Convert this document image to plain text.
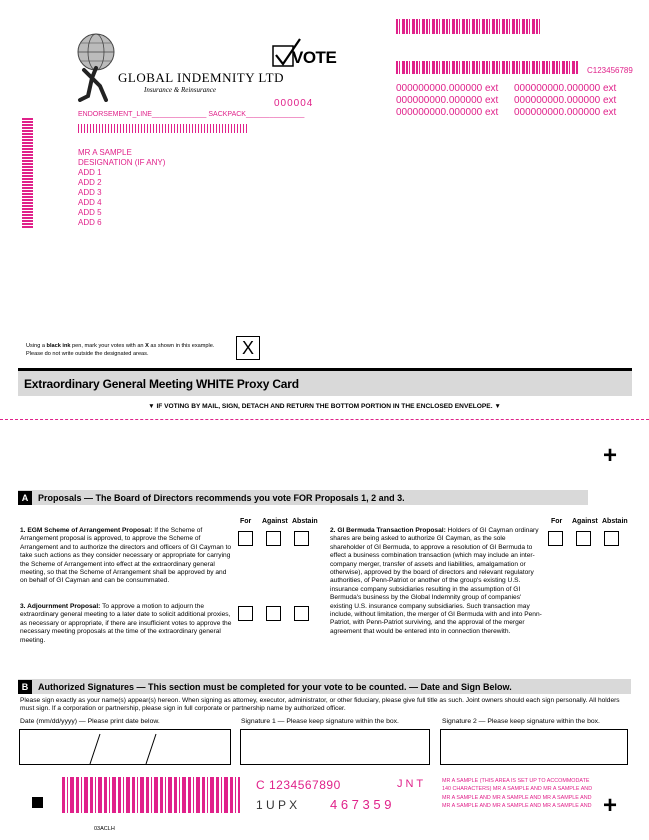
GLOBAL INDEMNITY LTD
Insurance & Reinsurance
VOTE
000004
C123456789
000000000.000000 ext	000000000.000000 ext
000000000.000000 ext	000000000.000000 ext
000000000.000000 ext	000000000.000000 ext
ENDORSEMENT_LINE______________ SACKPACK_______________
MR A SAMPLE
DESIGNATION (IF ANY)
ADD 1
ADD 2
ADD 3
ADD 4
ADD 5
ADD 6
Using a black ink pen, mark your votes with an X as shown in this example.
Please do not write outside the designated areas.	X
Extraordinary General Meeting WHITE Proxy Card
▼ IF VOTING BY MAIL, SIGN, DETACH AND RETURN THE BOTTOM PORTION IN THE ENCLOSED ENVELOPE. ▼
+
A	Proposals — The Board of Directors recommends you vote FOR Proposals 1, 2 and 3.
For Against Abstain	For Against Abstain
1. EGM Scheme of Arrangement Proposal: If the Scheme of Arrangement proposal is approved, to approve the Scheme of Arrangement and to authorize the directors and officers of GI Cayman to take such actions as they consider necessary or appropriate for carrying the Scheme of Arrangement into effect at the extraordinary general meeting, so that the Scheme of Arrangement shall be approved by and on behalf of GI Cayman and can be consummated.
3. Adjournment Proposal: To approve a motion to adjourn the extraordinary general meeting to a later date to solicit additional proxies, as necessary or appropriate, if there are insufficient votes to approve the necessary meeting proposals at the time of the extraordinary general meeting.
2. GI Bermuda Transaction Proposal: Holders of GI Cayman ordinary shares are being asked to authorize GI Cayman, as the sole shareholder of GI Bermuda, to approve a resolution of GI Bermuda to effect a business combination transaction (which may include an inter-company merger, transfer of assets and liabilities, amalgamation or otherwise), approved by the board of directors and relevant regulatory authorities, of Penn-Patriot or another of the group's existing U.S. insurance company subsidiaries resulting in the assumption of GI Bermuda's business by the Global Indemnity group of companies' existing U.S. insurance company subsidiaries. Such transaction may include, without limitation, the merger of GI Bermuda with and into Penn-Patriot, with Penn-Patriot surviving, and the approval of the merger agreement that would be entered into in connection therewith.
B	Authorized Signatures — This section must be completed for your vote to be counted. — Date and Sign Below.
Please sign exactly as your name(s) appear(s) hereon. When signing as attorney, executor, administrator, or other fiduciary, please give full title as such. Joint owners should each sign personally. All holders must sign. If a corporation or partnership, please sign in full corporate or partnership name by authorized officer.
Date (mm/dd/yyyy) — Please print date below.	Signature 1 — Please keep signature within the box.	Signature 2 — Please keep signature within the box.
C 1234567890	J N T
1 U P X	4 6 7 3 5 9
MR A SAMPLE (THIS AREA IS SET UP TO ACCOMMODATE
140 CHARACTERS) MR A SAMPLE AND MR A SAMPLE AND
MR A SAMPLE AND MR A SAMPLE AND MR A SAMPLE AND
MR A SAMPLE AND MR A SAMPLE AND MR A SAMPLE AND +
03ACLH
